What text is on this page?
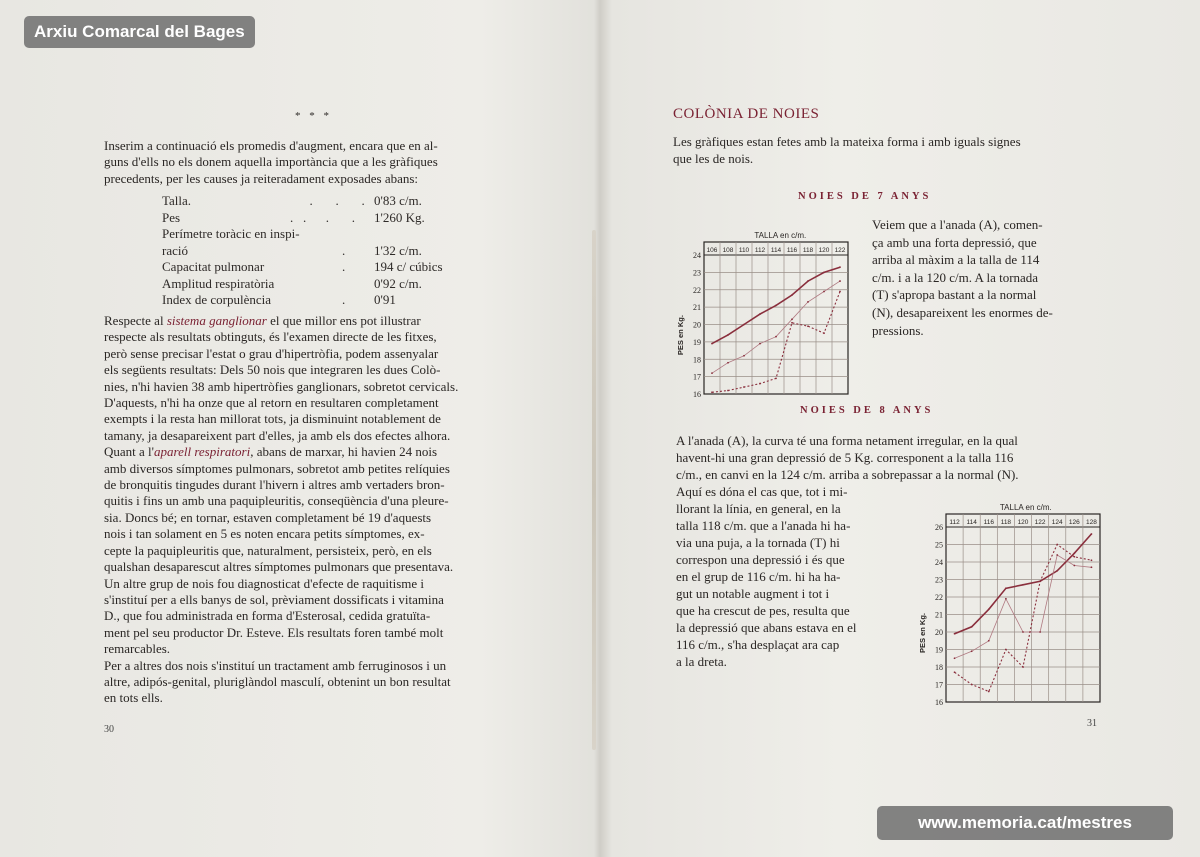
* * *
Inserim a continuació els promedis d'augment, encara que en al-
guns d'ells no els donem aquella importància que a les gràfiques
precedents, per les causes ja reiteradament exposades abans:
Talla.	.       .       . 0'83 c/m.
Pes	.   .      .       . 1'260 Kg.
Perímetre toràcic en inspi-
ració	. 1'32 c/m.
Capacitat pulmonar . 194 c/ cúbics
Amplitud respiratòria	0'92 c/m.
Index de corpulència . 0'91
Respecte al sistema ganglionar el que millor ens pot illustrar
respecte als resultats obtinguts, és l'examen directe de les fitxes,
però sense precisar l'estat o grau d'hipertròfia, podem assenyalar
els següents resultats: Dels 50 nois que integraren les dues Colò-
nies, n'hi havien 38 amb hipertròfies ganglionars, sobretot cervicals.
D'aquests, n'hi ha onze que al retorn en resultaren completament
exempts i la resta han millorat tots, ja disminuint notablement de
tamany, ja desapareixent part d'elles, ja amb els dos efectes alhora.
Quant a l'aparell respiratori, abans de marxar, hi havien 24 nois
amb diversos símptomes pulmonars, sobretot amb petites relíquies
de bronquitis tingudes durant l'hivern i altres amb vertaders bron-
quitis i fins un amb una paquipleuritis, conseqüència d'una pleure-
sia. Doncs bé; en tornar, estaven completament bé 19 d'aquests
nois i tan solament en 5 es noten encara petits símptomes, ex-
cepte la paquipleuritis que, naturalment, persisteix, però, en els
qualshan desaparescut altres símptomes pulmonars que presentava.
Un altre grup de nois fou diagnosticat d'efecte de raquitisme i
s'instituí per a ells banys de sol, prèviament dossificats i vitamina
D., que fou administrada en forma d'Esterosal, cedida gratuïta-
ment pel seu productor Dr. Esteve. Els resultats foren també molt
remarcables.
Per a altres dos nois s'instituí un tractament amb ferruginosos i un
altre, adipós-genital, pluriglàndol masculí, obtenint un bon resultat
en tots ells.
30
COLÒNIA DE NOIES
Les gràfiques estan fetes amb la mateixa forma i amb iguals signes
que les de nois.
NOIES DE 7 ANYS
TALLA en c/m.
106 108 110 112 114 116 118 120 122
16
17
18
19
20
21
22
23
24
PES en Kg.
Veiem que a l'anada (A), comen-
ça amb una forta depressió, que
arriba al màxim a la talla de 114
c/m. i a la 120 c/m. A la tornada
(T) s'apropa bastant a la normal
(N), desapareixent les enormes de-
pressions.
NOIES DE 8 ANYS
A l'anada (A), la curva té una forma netament irregular, en la qual
havent-hi una gran depressió de 5 Kg. corresponent a la talla 116
c/m., en canvi en la 124 c/m. arriba a sobrepassar a la normal (N).
Aquí es dóna el cas que, tot i mi-
llorant la línia, en general, en la
talla 118 c/m. que a l'anada hi ha-
via una puja, a la tornada (T) hi
correspon una depressió i és que
en el grup de 116 c/m. hi ha ha-
gut un notable augment i tot i
que ha crescut de pes, resulta que
la depressió que abans estava en el
116 c/m., s'ha desplaçat ara cap
a la dreta.
TALLA en c/m.
112 114 116 118 120 122 124 126 128
16
17
18
19
20
21
22
23
24
25
26
PES en Kg.
31
Arxiu Comarcal del Bages
www.memoria.cat/mestres
